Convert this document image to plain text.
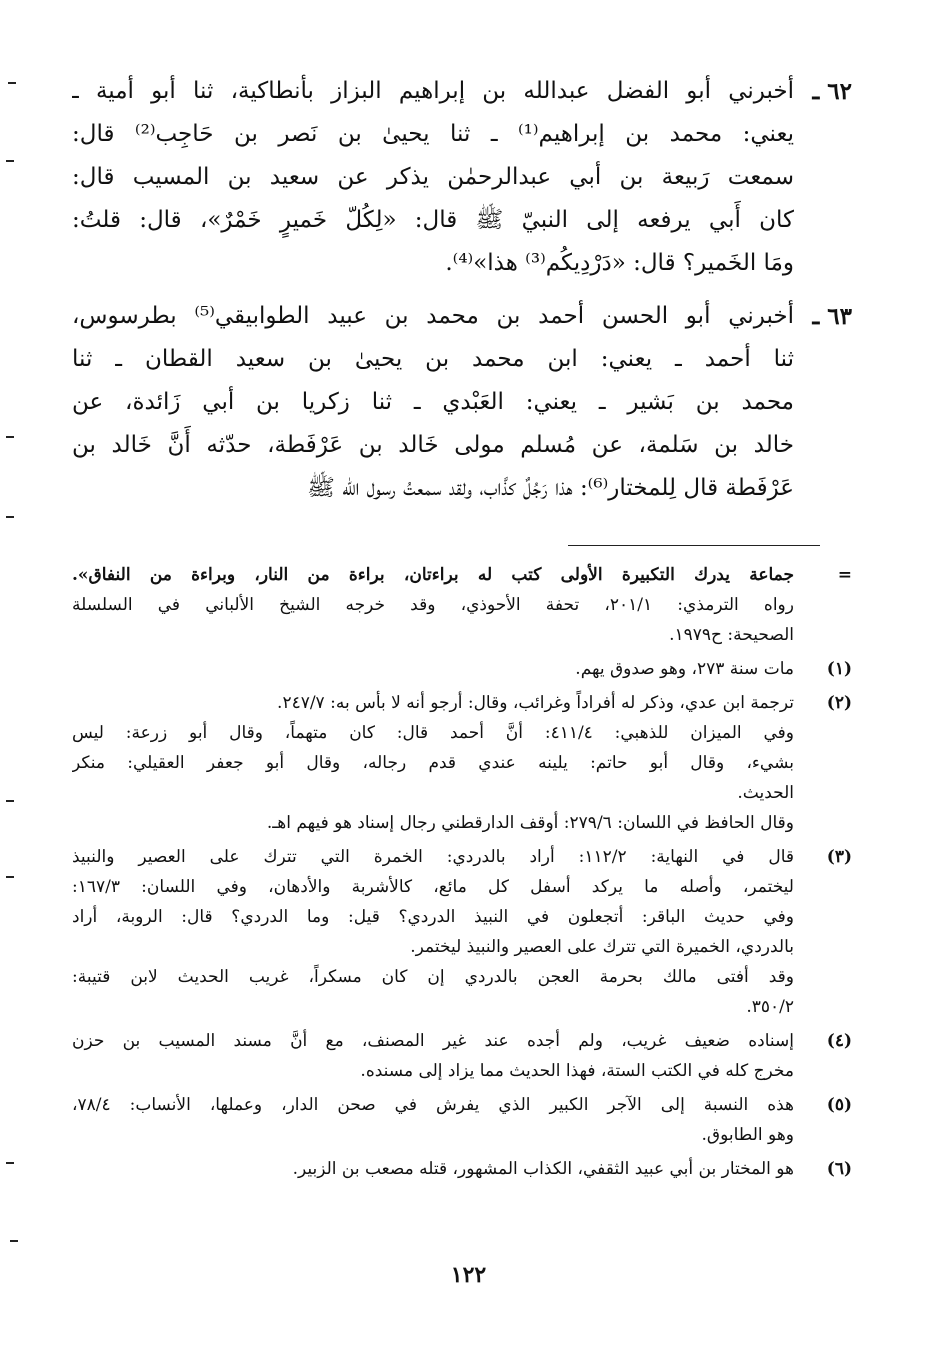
٦٢ ـ
أخبرني أبو الفضل عبدالله بن إبراهيم البزاز بأنطاكية، ثنا أبو أمية ـ
يعني: محمد بن إبراهيم⁽¹⁾ ـ ثنا يحيىٰ بن نَصر بن حَاجِب⁽²⁾ قال:
سمعت رَبيعة بن أبي عبدالرحمٰن يذكر عن سعيد بن المسيب قال:
كان أَبي يرفعه إلى النبيّ ﷺ قال: «لِكُلّ خَميرٍ خَمْرٌ»، قال: قلتُ:
ومَا الخَمير؟ قال: «دَرْدِيكُم⁽³⁾ هذا»⁽⁴⁾.
٦٣ ـ
أخبرني أبو الحسن أحمد بن محمد بن عبيد الطوابيقي⁽⁵⁾ بطرسوس،
ثنا أحمد ـ يعني: ابن محمد بن يحيىٰ بن سعيد القطان ـ ثنا
محمد بن بَشير ـ يعني: العَبْدي ـ ثنا زكريا بن أبي زَائدة، عن
خالد بن سَلمة، عن مُسلم مولى خَالد بن عَرْفَطة، حدّثه أَنَّ خَالد بن
عَرْفَطة قال لِلمختار⁽⁶⁾: هذا رَجُلٌ كذَّاب، ولقد سمعتُ رسول الله ﷺ
=
جماعة يدرك التكبيرة الأولى كتب له براءتان، براءة من النار، وبراءة من النفاق».
رواه الترمذي: ٢٠١/١، تحفة الأحوذي، وقد خرجه الشيخ الألباني في السلسلة
الصحيحة: ح١٩٧٩.
(١)
مات سنة ٢٧٣، وهو صدوق يهم.
(٢)
ترجمة ابن عدي، وذكر له أفراداً وغرائب، وقال: أرجو أنه لا بأس به: ٢٤٧/٧.
وفي الميزان للذهبي: ٤١١/٤: أنَّ أحمد قال: كان متهماً، وقال أبو زرعة: ليس
بشيء، وقال أبو حاتم: يلينه عندي قدم رجاله، وقال أبو جعفر العقيلي: منكر
الحديث.
وقال الحافظ في اللسان: ٢٧٩/٦: أوقف الدارقطني رجال إسناد هو فيهم اهـ.
(٣)
قال في النهاية: ١١٢/٢: أراد بالدردي: الخمرة التي تترك على العصير والنبيذ
ليختمر، وأصله ما يركد أسفل كل مائع، كالأشربة والأدهان، وفي اللسان: ١٦٧/٣:
وفي حديث الباقر: أتجعلون في النبيذ الدردي؟ قيل: وما الدردي؟ قال: الروبة، أراد
بالدردي، الخميرة التي تترك على العصير والنبيذ ليختمر.
وقد أفتى مالك بحرمة العجن بالدردي إن كان مسكراً، غريب الحديث لابن قتيبة:
٣٥٠/٢.
(٤)
إسناده ضعيف غريب، ولم أجده عند غير المصنف، مع أنَّ مسند المسيب بن حزن
مخرج كله في الكتب الستة، فهذا الحديث مما يزاد إلى مسنده.
(٥)
هذه النسبة إلى الآجر الكبير الذي يفرش في صحن الدار، وعملها، الأنساب: ٧٨/٤،
وهو الطابوق.
(٦)
هو المختار بن أبي عبيد الثقفي، الكذاب المشهور، قتله مصعب بن الزبير.
١٢٢
